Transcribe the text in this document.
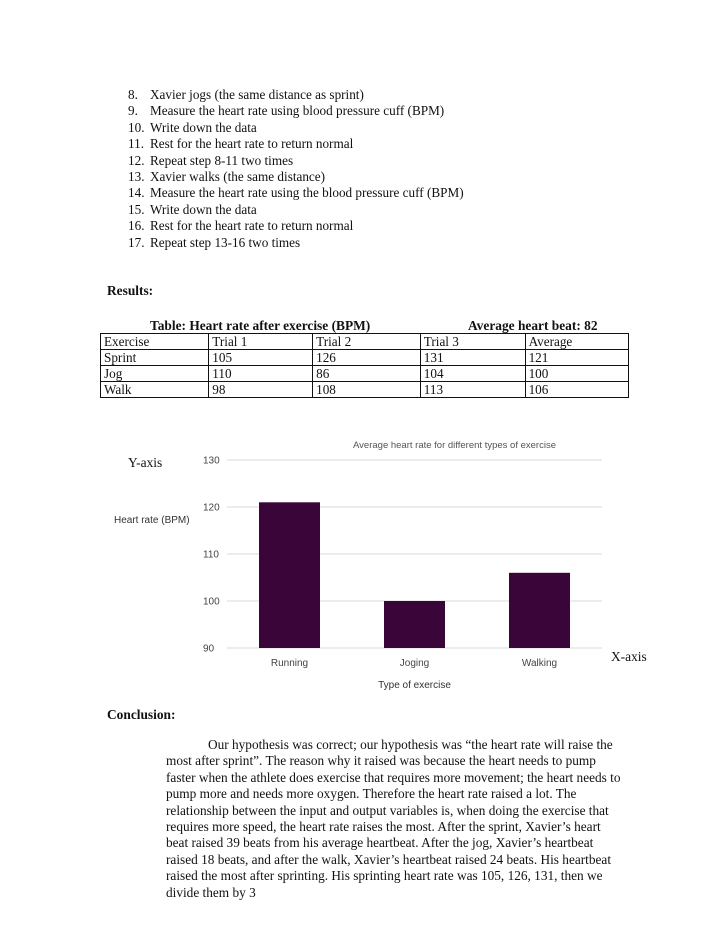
8. Xavier jogs (the same distance as sprint)
9. Measure the heart rate using blood pressure cuff (BPM)
10. Write down the data
11. Rest for the heart rate to return normal
12. Repeat step 8-11 two times
13. Xavier walks (the same distance)
14. Measure the heart rate using the blood pressure cuff (BPM)
15. Write down the data
16. Rest for the heart rate to return normal
17. Repeat step 13-16 two times
Results:
Table: Heart rate after exercise (BPM)	Average heart beat: 82
Exercise	Trial 1	Trial 2	Trial 3	Average
Sprint	105	126	131	121
Jog	110	86	104	100
Walk	98	108	113	106
Y-axis
X-axis
Average heart rate for different types of exercise
90
100
110
120
130
Heart rate (BPM)
Running	Joging	Walking
Type of exercise
Conclusion:

Our hypothesis was correct; our hypothesis was “the heart rate will raise the most after sprint”. The reason why it raised was because the heart needs to pump faster when the athlete does exercise that requires more movement; the heart needs to pump more and needs more oxygen. Therefore the heart rate raised a lot. The relationship between the input and output variables is, when doing the exercise that requires more speed, the heart rate raises the most. After the sprint, Xavier’s heart beat raised 39 beats from his average heartbeat. After the jog, Xavier’s heartbeat raised 18 beats, and after the walk, Xavier’s heartbeat raised 24 beats. His heartbeat raised the most after sprinting. His sprinting heart rate was 105, 126, 131, then we divide them by 3
